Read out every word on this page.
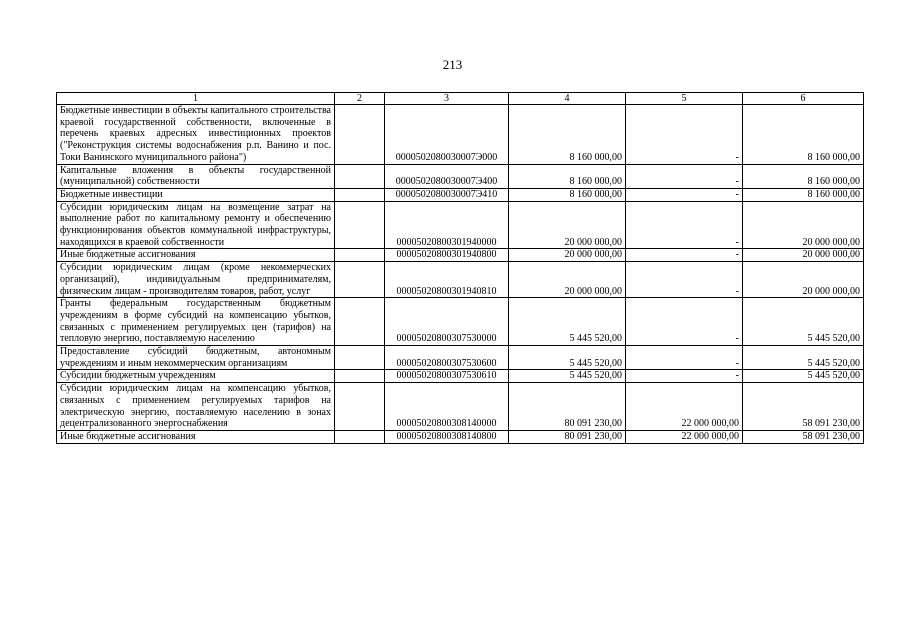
213
1	2	3	4	5	6
Бюджетные инвестиции в объекты капитального строительства краевой государственной собственности, включенные в перечень краевых адресных инвестиционных проектов ("Реконструкция системы водоснабжения р.п. Ванино и пос. Токи Ванинского муниципального района")		0000502080030007Э000	8 160 000,00	-	8 160 000,00
Капитальные вложения в объекты государственной (муниципальной) собственности		0000502080030007Э400	8 160 000,00	-	8 160 000,00
Бюджетные инвестиции		0000502080030007Э410	8 160 000,00	-	8 160 000,00
Субсидии юридическим лицам на возмещение затрат на выполнение работ по капитальному ремонту и обеспечению функционирования объектов коммунальной инфраструктуры, находящихся в краевой собственности		00005020800301940000	20 000 000,00	-	20 000 000,00
Иные бюджетные ассигнования		00005020800301940800	20 000 000,00	-	20 000 000,00
Субсидии юридическим лицам (кроме некоммерческих организаций), индивидуальным предпринимателям, физическим лицам - производителям товаров, работ, услуг		00005020800301940810	20 000 000,00	-	20 000 000,00
Гранты федеральным государственным бюджетным учреждениям в форме субсидий на компенсацию убытков, связанных с применением регулируемых цен (тарифов) на тепловую энергию, поставляемую населению		00005020800307530000	5 445 520,00	-	5 445 520,00
Предоставление субсидий бюджетным, автономным учреждениям и иным некоммерческим организациям		00005020800307530600	5 445 520,00	-	5 445 520,00
Субсидии бюджетным учреждениям		00005020800307530610	5 445 520,00	-	5 445 520,00
Субсидии юридическим лицам на компенсацию убытков, связанных с применением регулируемых тарифов на электрическую энергию, поставляемую населению в зонах децентрализованного энергоснабжения		00005020800308140000	80 091 230,00	22 000 000,00	58 091 230,00
Иные бюджетные ассигнования		00005020800308140800	80 091 230,00	22 000 000,00	58 091 230,00
